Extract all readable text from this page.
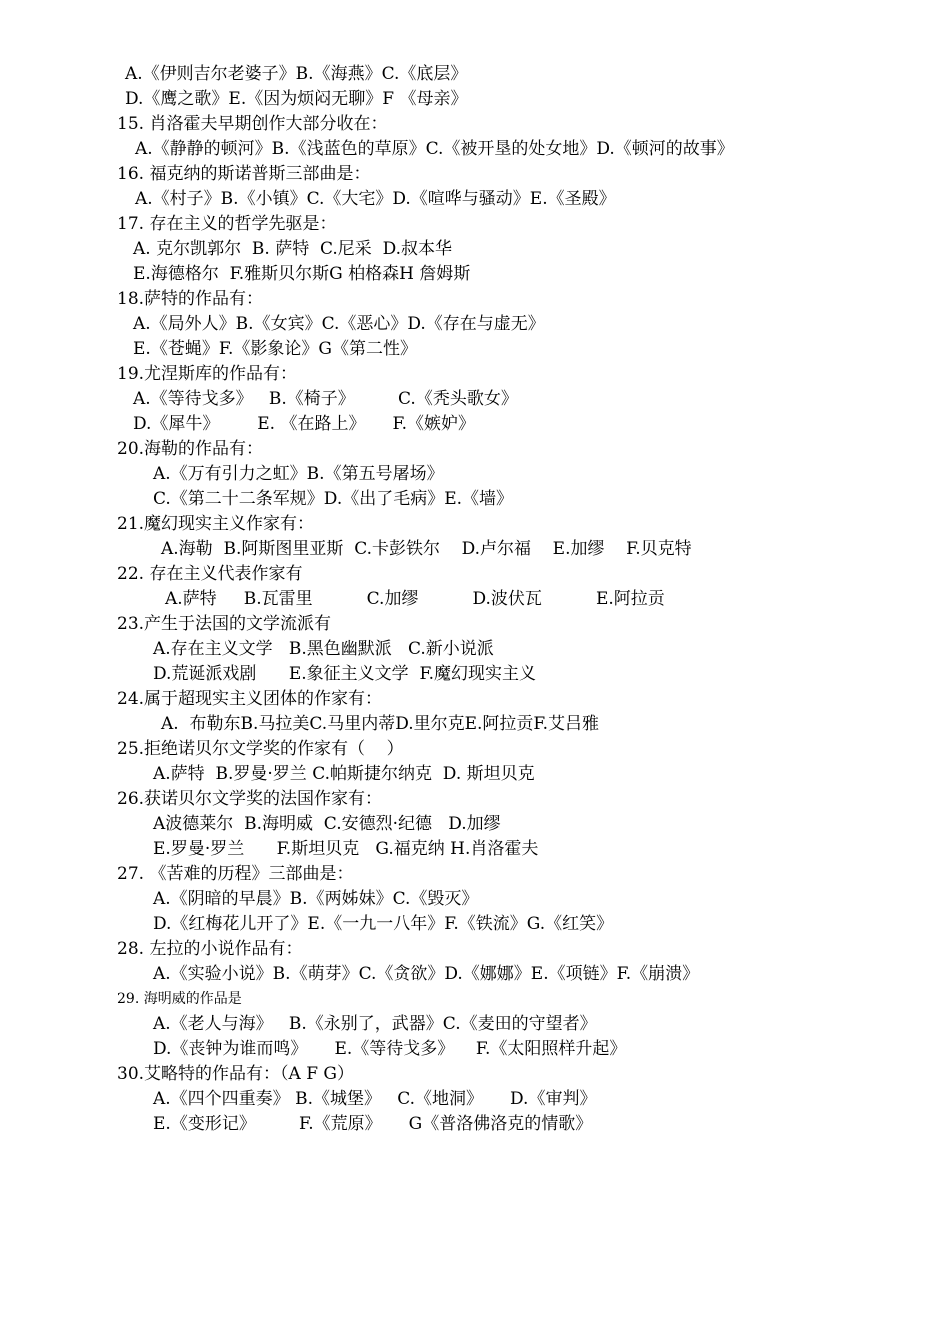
A.《伊则吉尔老婆子》B.《海燕》C.《底层》
D.《鹰之歌》E.《因为烦闷无聊》F 《母亲》
15. 肖洛霍夫早期创作大部分收在：
A.《静静的顿河》B.《浅蓝色的草原》C.《被开垦的处女地》D.《顿河的故事》
16. 福克纳的斯诺普斯三部曲是：
A.《村子》B.《小镇》C.《大宅》D.《喧哗与骚动》E.《圣殿》
17. 存在主义的哲学先驱是：
A. 克尔凯郭尔  B. 萨特  C.尼采  D.叔本华
E.海德格尔  F.雅斯贝尔斯G 柏格森H 詹姆斯
18.萨特的作品有：
A.《局外人》B.《女宾》C.《恶心》D.《存在与虚无》
E.《苍蝇》F.《影象论》G《第二性》
19.尤涅斯库的作品有：
A.《等待戈多》   B.《椅子》        C.《秃头歌女》
D.《犀牛》       E. 《在路上》     F.《嫉妒》
20.海勒的作品有：
A.《万有引力之虹》B.《第五号屠场》
C.《第二十二条军规》D.《出了毛病》E.《墙》
21.魔幻现实主义作家有：
A.海勒  B.阿斯图里亚斯  C.卡彭铁尔    D.卢尔福    E.加缪    F.贝克特
22. 存在主义代表作家有
A.萨特     B.瓦雷里          C.加缪          D.波伏瓦          E.阿拉贡
23.产生于法国的文学流派有
A.存在主义文学   B.黑色幽默派   C.新小说派
D.荒诞派戏剧      E.象征主义文学  F.魔幻现实主义
24.属于超现实主义团体的作家有：
A.  布勒东B.马拉美C.马里内蒂D.里尔克E.阿拉贡F.艾吕雅
25.拒绝诺贝尔文学奖的作家有（    ）
A.萨特  B.罗曼·罗兰 C.帕斯捷尔纳克  D. 斯坦贝克
26.获诺贝尔文学奖的法国作家有：
A波德莱尔  B.海明威  C.安德烈·纪德   D.加缪
E.罗曼·罗兰      F.斯坦贝克   G.福克纳 H.肖洛霍夫
27. 《苦难的历程》三部曲是：
A.《阴暗的早晨》B.《两姊妹》C.《毁灭》
D.《红梅花儿开了》E.《一九一八年》F.《铁流》G.《红笑》
28. 左拉的小说作品有：
A.《实验小说》B.《萌芽》C.《贪欲》D.《娜娜》E.《项链》F.《崩溃》
29. 海明威的作品是
A.《老人与海》   B.《永别了，武器》C.《麦田的守望者》
D.《丧钟为谁而鸣》     E.《等待戈多》    F.《太阳照样升起》
30.艾略特的作品有：（A F G）
A.《四个四重奏》 B.《城堡》   C.《地洞》     D.《审判》
E.《变形记》        F.《荒原》     G《普洛佛洛克的情歌》
